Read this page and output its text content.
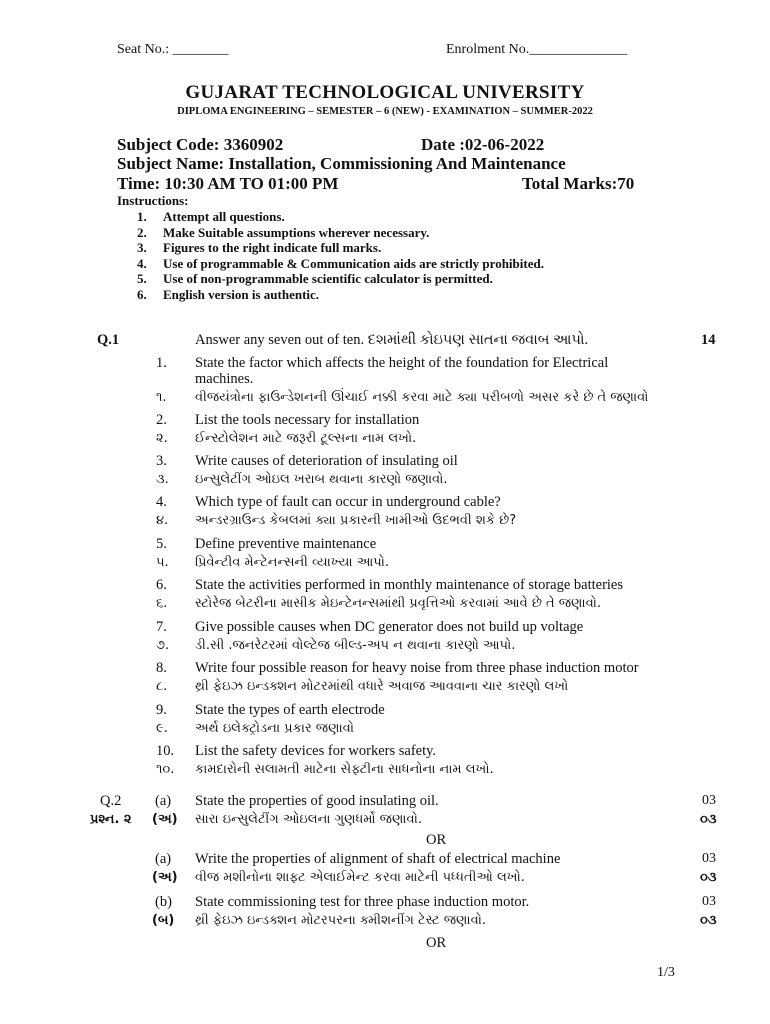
Seat No.: ________	Enrolment No.______________
GUJARAT TECHNOLOGICAL UNIVERSITY
DIPLOMA ENGINEERING – SEMESTER – 6 (NEW) - EXAMINATION – SUMMER-2022
Subject Code: 3360902	Date :02-06-2022
Subject Name: Installation, Commissioning And Maintenance
Time: 10:30 AM TO 01:00 PM	Total Marks:70
Instructions:
1. Attempt all questions.
2. Make Suitable assumptions wherever necessary.
3. Figures to the right indicate full marks.
4. Use of programmable & Communication aids are strictly prohibited.
5. Use of non-programmable scientific calculator is permitted.
6. English version is authentic.
Q.1	Answer any seven out of ten. દશમાંથી કોઇપણ સાતના જવાબ આપો.	14
1. State the factor which affects the height of the foundation for Electrical
machines.
૧. વીજયંત્રોના ફાઉન્ડેશનની ઊંચાઈ નક્કી કરવા માટે ક્યા પરીબળો અસર કરે છે તે જણાવો
2. List the tools necessary for installation
૨. ઈન્સ્ટોલેશન માટે જરૂરી ટૂલ્સના નામ લખો.
3. Write causes of deterioration of insulating oil
૩. ઇન્સુલેટીંગ ઓઇલ ખરાબ થવાના કારણો જણાવો.
4. Which type of fault can occur in underground cable?
૪. અન્ડરગ્રાઉન્ડ કેબલમાં ક્યા પ્રકારની ખામીઓ ઉદભવી શકે છે?
5. Define preventive maintenance
૫. પ્રિવેન્ટીવ મેન્ટેનન્સની વ્યાખ્યા આપો.
6. State the activities performed in monthly maintenance of storage batteries
૬. સ્ટોરેજ બેટરીના માસીક મેઇન્ટેનન્સમાંથી પ્રવૃત્તિઓ કરવામાં આવે છે તે જણાવો.
7. Give possible causes when DC generator does not build up voltage
૭. ડી.સી .જનરેટરમાં વોલ્ટેજ બીલ્ડ-અપ ન થવાના કારણો આપો.
8. Write four possible reason for heavy noise from three phase induction motor
૮. થ્રી ફેઇઝ ઇન્ડક્શન મોટરમાંથી વધારે અવાજ આવવાના ચાર કારણો લખો
9. State the types of earth electrode
૯. અર્થ ઇલેક્ટ્રોડના પ્રકાર જણાવો
10. List the safety devices for workers safety.
૧૦. કામદારોની સલામતી માટેના સેફ્ટીના સાધનોના નામ લખો.
Q.2
પ્રશ્ન. ૨
(a) State the properties of good insulating oil.	03
(અ) સારા ઇન્સુલેટીંગ ઓઇલના ગુણધર્મો જણાવો.	૦૩
OR
(a) Write the properties of alignment of shaft of electrical machine	03
(અ) વીજ મશીનોના શાફ્ટ એલાઈમેન્ટ કરવા માટેની પધ્ધતીઓ લખો.	૦૩
(b) State commissioning test for three phase induction motor.	03
(બ) થ્રી ફેઇઝ ઇન્ડક્શન મોટરપરના ક્મીશનીંગ ટેસ્ટ જણાવો.	૦૩
OR
1/3
